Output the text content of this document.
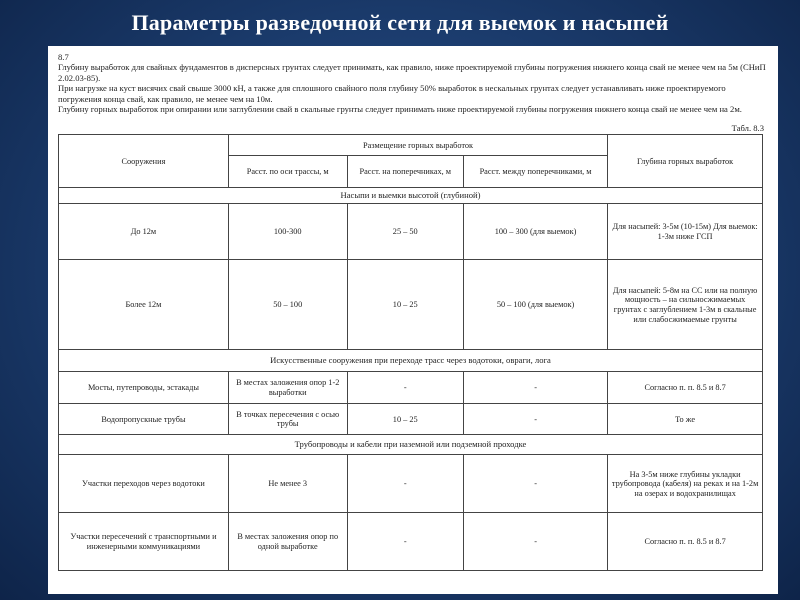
Параметры разведочной сети для выемок и насыпей

8.7

Глубину выработок для свайных фундаментов в дисперсных грунтах следует принимать, как правило, ниже проектируемой глубины погружения нижнего конца свай не менее чем на 5м (СНиП 2.02.03-85).

При нагрузке на куст висячих свай свыше 3000 кН, а также для сплошного свайного поля глубину 50% выработок в нескальных грунтах следует устанавливать ниже проектируемого погружения конца свай, как правило, не менее чем на 10м.

Глубину горных выработок при опирании или заглублении свай в скальные грунты следует принимать ниже проектируемой глубины погружения нижнего конца свай не менее чем на 2м.

Табл. 8.3
Сооружения	Размещение горных выработок			Глубина горных выработок
	Расст. по оси трассы, м	Расст. на поперечниках, м	Расст. между поперечниками, м	
Насыпи и выемки высотой (глубиной)				
До 12м	100-300	25 – 50	100 – 300 (для выемок)	Для насыпей: 3-5м (10-15м) Для выемок: 1-3м ниже ГСП
Более 12м	50 – 100	10 – 25	50 – 100 (для выемок)	Для насыпей: 5-8м на СС или на полную мощность – на сильносжимаемых грунтах с заглублением 1-3м в скальные или слабосжимаемые грунты
Искусственные сооружения при переходе трасс через водотоки, овраги, лога				
Мосты, путепроводы, эстакады	В местах заложения опор 1-2 выработки	-	-	Согласно п. п. 8.5 и 8.7
Водопропускные трубы	В точках пересечения с осью трубы	10 – 25	-	То же
Трубопроводы и кабели при наземной или подземной проходке				
Участки переходов через водотоки	Не менее 3	-	-	На 3-5м ниже глубины укладки трубопровода (кабеля) на реках и на 1-2м на озерах и водохранилищах
Участки пересечений с транспортными и инженерными коммуникациями	В местах заложения опор по одной выработке	-	-	Согласно п. п. 8.5 и 8.7
